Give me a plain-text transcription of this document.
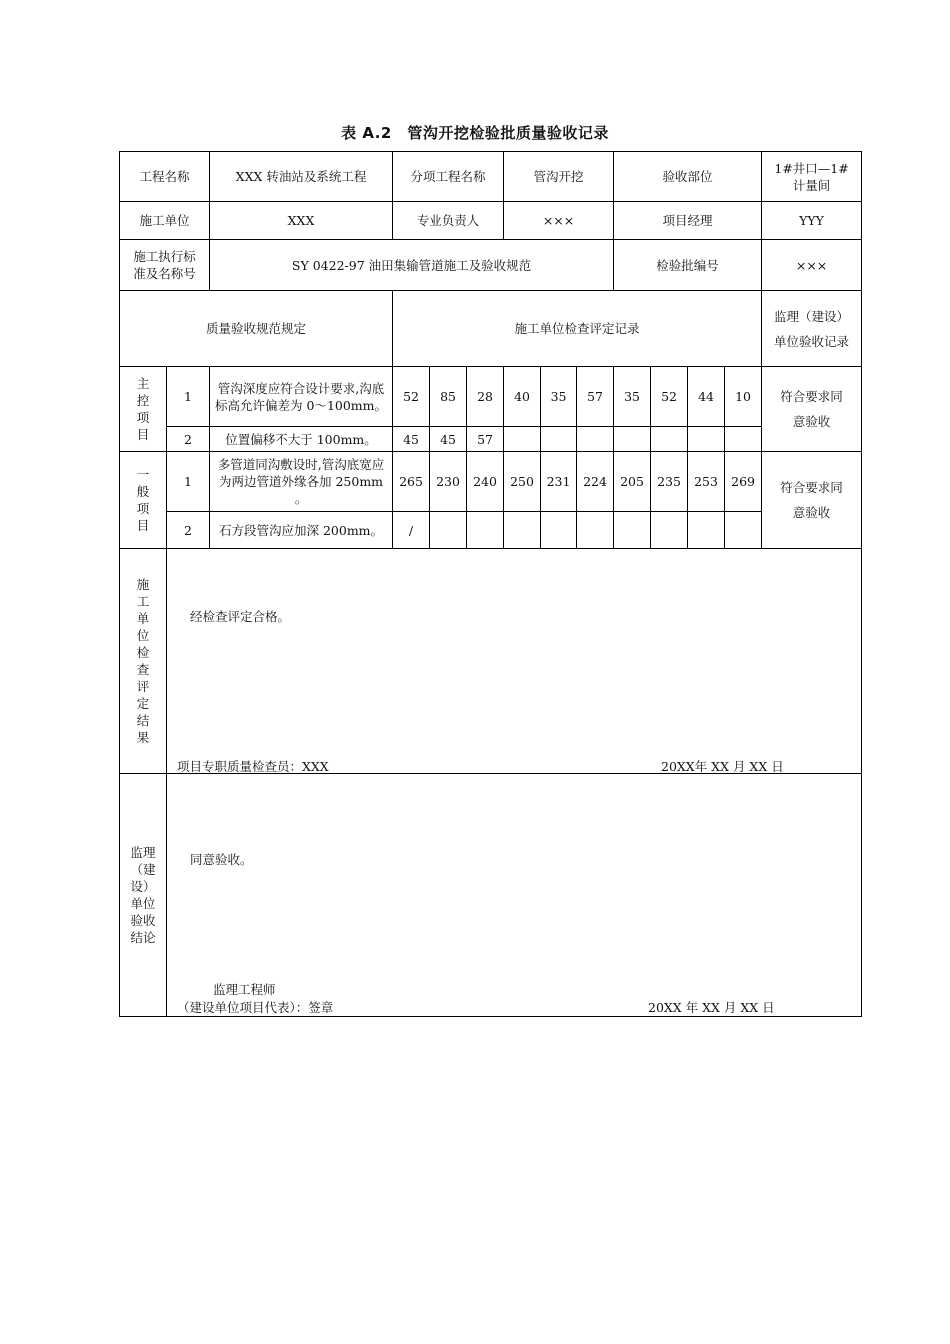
表 A.2　管沟开挖检验批质量验收记录
工程名称		XXX 转油站及系统工程	分项工程名称			管沟开挖			验收部位				1#井口—1#计量间
施工单位		XXX	专业负责人			×××			项目经理				YYY
施工执行标准及名称号		SY 0422-97 油田集输管道施工及验收规范							检验批编号				×××
质量验收规范规定			施工单位检查评定记录										监理（建设）单位验收记录
主控项目	1	管沟深度应符合设计要求,沟底标高允许偏差为 0～100mm。	52	85	28	40	35	57	35	52	44	10	符合要求同意验收
	2	位置偏移不大于 100mm。	45	45	57								
一般项目	1	多管道同沟敷设时,管沟底宽应为两边管道外缘各加 250mm 。	265	230	240	250	231	224	205	235	253	269	符合要求同意验收
	2	石方段管沟应加深 200mm。	/										
施工单位检查评定结果	经检查评定合格。
项目专职质量检查员：XXX 20XX年 XX 月 XX 日												

监理（建设）单位验收结论	同意验收。
监理工程师
（建设单位项目代表）：签章 20XX 年 XX 月 XX 日												
